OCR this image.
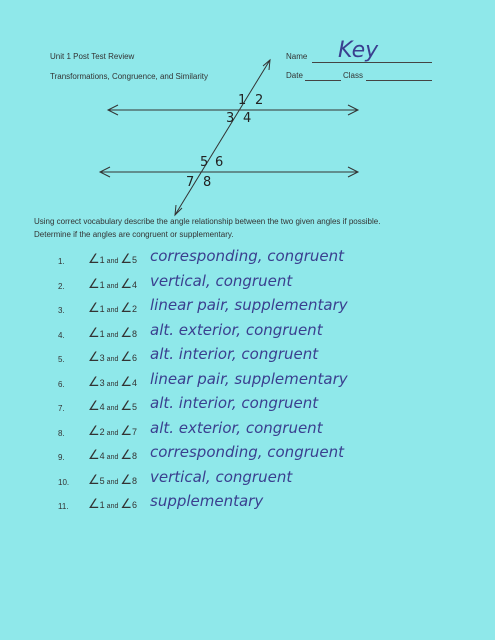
Unit 1 Post Test Review
Transformations, Congruence, and Similarity
Name Key
Date	Class
1 2
3 4
5 6
7 8
Using correct vocabulary describe the angle relationship between the two given angles if possible.
Determine if the angles are congruent or supplementary.
1. ∠1 and ∠5 corresponding, congruent
2. ∠1 and ∠4 vertical, congruent
3. ∠1 and ∠2 linear pair, supplementary
4. ∠1 and ∠8 alt. exterior, congruent
5. ∠3 and ∠6 alt. interior, congruent
6. ∠3 and ∠4 linear pair, supplementary
7. ∠4 and ∠5 alt. interior, congruent
8. ∠2 and ∠7 alt. exterior, congruent
9. ∠4 and ∠8 corresponding, congruent
10. ∠5 and ∠8 vertical, congruent
11. ∠1 and ∠6 supplementary
